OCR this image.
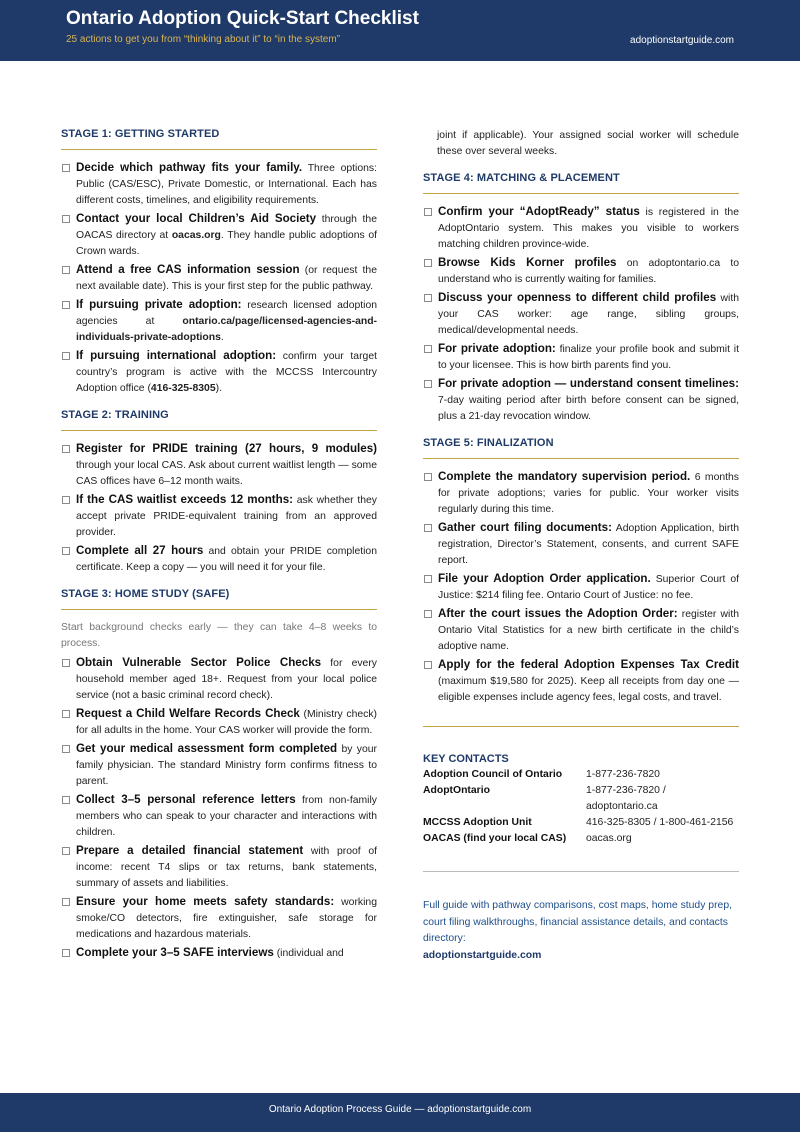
Ontario Adoption Quick-Start Checklist
25 actions to get you from “thinking about it” to “in the system”	adoptionstartguide.com
STAGE 1: GETTING STARTED
Decide which pathway fits your family. Three options: Public (CAS/ESC), Private Domestic, or International. Each has different costs, timelines, and eligibility requirements.
Contact your local Children’s Aid Society through the OACAS directory at oacas.org. They handle public adoptions of Crown wards.
Attend a free CAS information session (or request the next available date). This is your first step for the public pathway.
If pursuing private adoption: research licensed adoption agencies at ontario.ca/page/licensed-agencies-and-individuals-private-adoptions.
If pursuing international adoption: confirm your target country’s program is active with the MCCSS Intercountry Adoption office (416-325-8305).
STAGE 2: TRAINING
Register for PRIDE training (27 hours, 9 modules) through your local CAS. Ask about current waitlist length — some CAS offices have 6–12 month waits.
If the CAS waitlist exceeds 12 months: ask whether they accept private PRIDE-equivalent training from an approved provider.
Complete all 27 hours and obtain your PRIDE completion certificate. Keep a copy — you will need it for your file.
STAGE 3: HOME STUDY (SAFE)
Start background checks early — they can take 4–8 weeks to process.
Obtain Vulnerable Sector Police Checks for every household member aged 18+. Request from your local police service (not a basic criminal record check).
Request a Child Welfare Records Check (Ministry check) for all adults in the home. Your CAS worker will provide the form.
Get your medical assessment form completed by your family physician. The standard Ministry form confirms fitness to parent.
Collect 3–5 personal reference letters from non-family members who can speak to your character and interactions with children.
Prepare a detailed financial statement with proof of income: recent T4 slips or tax returns, bank statements, summary of assets and liabilities.
Ensure your home meets safety standards: working smoke/CO detectors, fire extinguisher, safe storage for medications and hazardous materials.
Complete your 3–5 SAFE interviews (individual and
joint if applicable). Your assigned social worker will schedule these over several weeks.
STAGE 4: MATCHING & PLACEMENT
Confirm your “AdoptReady” status is registered in the AdoptOntario system. This makes you visible to workers matching children province-wide.
Browse Kids Korner profiles on adoptontario.ca to understand who is currently waiting for families.
Discuss your openness to different child profiles with your CAS worker: age range, sibling groups, medical/developmental needs.
For private adoption: finalize your profile book and submit it to your licensee. This is how birth parents find you.
For private adoption — understand consent timelines: 7-day waiting period after birth before consent can be signed, plus a 21-day revocation window.
STAGE 5: FINALIZATION
Complete the mandatory supervision period. 6 months for private adoptions; varies for public. Your worker visits regularly during this time.
Gather court filing documents: Adoption Application, birth registration, Director’s Statement, consents, and current SAFE report.
File your Adoption Order application. Superior Court of Justice: $214 filing fee. Ontario Court of Justice: no fee.
After the court issues the Adoption Order: register with Ontario Vital Statistics for a new birth certificate in the child’s adoptive name.
Apply for the federal Adoption Expenses Tax Credit (maximum $19,580 for 2025). Keep all receipts from day one — eligible expenses include agency fees, legal costs, and travel.
KEY CONTACTS
Adoption Council of Ontario	1-877-236-7820
AdoptOntario	1-877-236-7820 / adoptontario.ca
MCCSS Adoption Unit	416-325-8305 / 1-800-461-2156
OACAS (find your local CAS)	oacas.org
Full guide with pathway comparisons, cost maps, home study prep, court filing walkthroughs, financial assistance details, and contacts directory:
adoptionstartguide.com
Ontario Adoption Process Guide — adoptionstartguide.com
